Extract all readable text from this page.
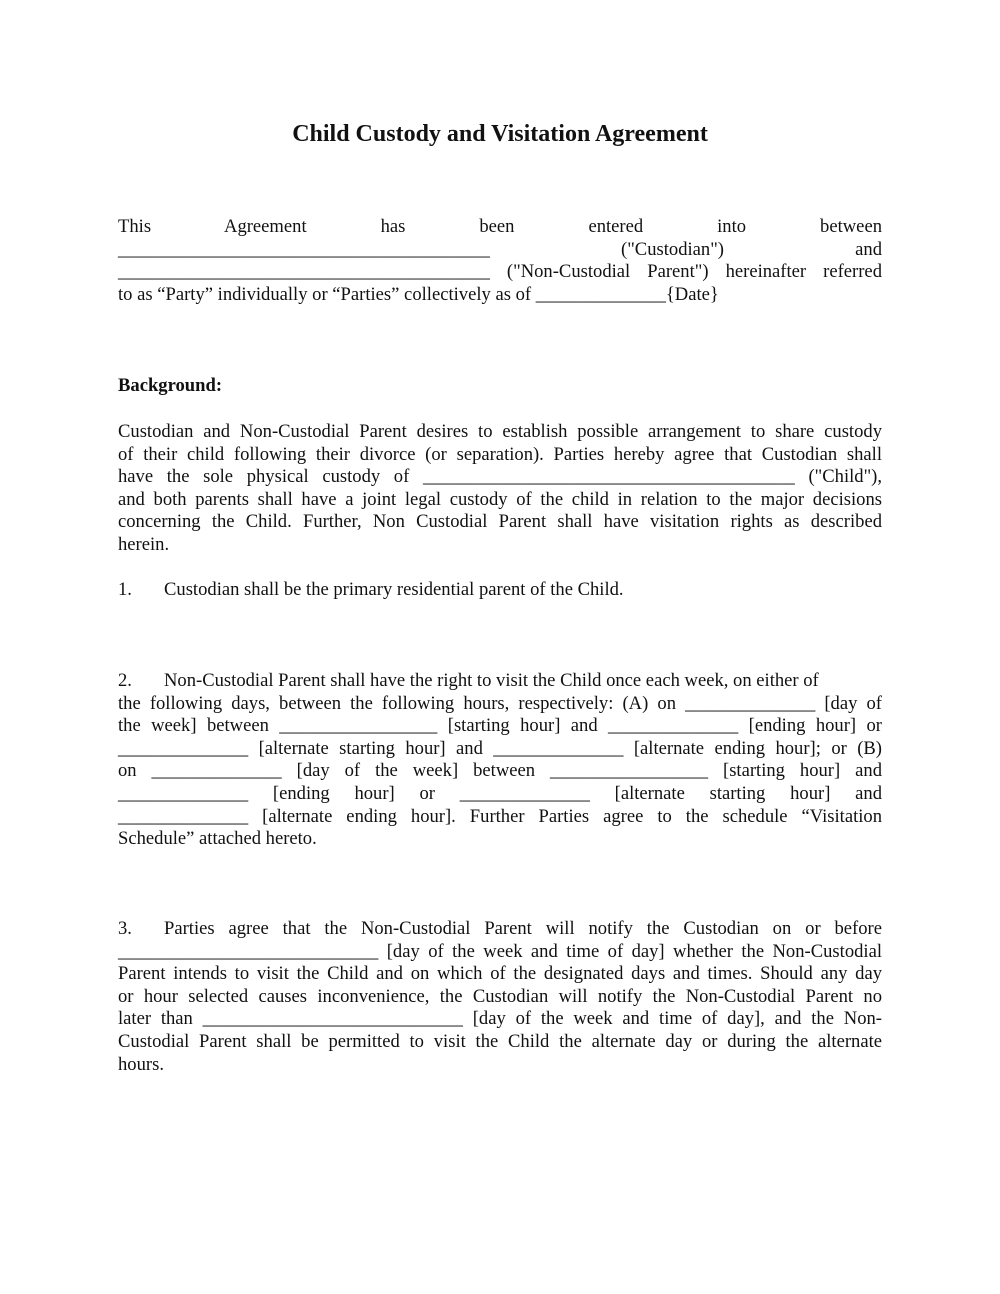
Child Custody and Visitation Agreement
This Agreement has been entered into between
________________________________________ ("Custodian") and
________________________________________ ("Non-Custodial Parent") hereinafter referred
to as “Party” individually or “Parties” collectively as of ______________{Date}
Background:
Custodian and Non-Custodial Parent desires to establish possible arrangement to share custody
of their child following their divorce (or separation). Parties hereby agree that Custodian shall
have the sole physical custody of ________________________________________ ("Child"),
and both parents shall have a joint legal custody of the child in relation to the major decisions
concerning the Child. Further, Non Custodial Parent shall have visitation rights as described
herein.
1. Custodian shall be the primary residential parent of the Child.
2. Non-Custodial Parent shall have the right to visit the Child once each week, on either of
the following days, between the following hours, respectively: (A) on ______________ [day of
the week] between _________________ [starting hour] and ______________ [ending hour] or
______________ [alternate starting hour] and ______________ [alternate ending hour]; or (B)
on ______________ [day of the week] between _________________ [starting hour] and
______________ [ending hour] or ______________ [alternate starting hour] and
______________ [alternate ending hour]. Further Parties agree to the schedule “Visitation
Schedule” attached hereto.
3. Parties agree that the Non-Custodial Parent will notify the Custodian on or before
____________________________ [day of the week and time of day] whether the Non-Custodial
Parent intends to visit the Child and on which of the designated days and times. Should any day
or hour selected causes inconvenience, the Custodian will notify the Non-Custodial Parent no
later than ____________________________ [day of the week and time of day], and the Non-
Custodial Parent shall be permitted to visit the Child the alternate day or during the alternate
hours.
